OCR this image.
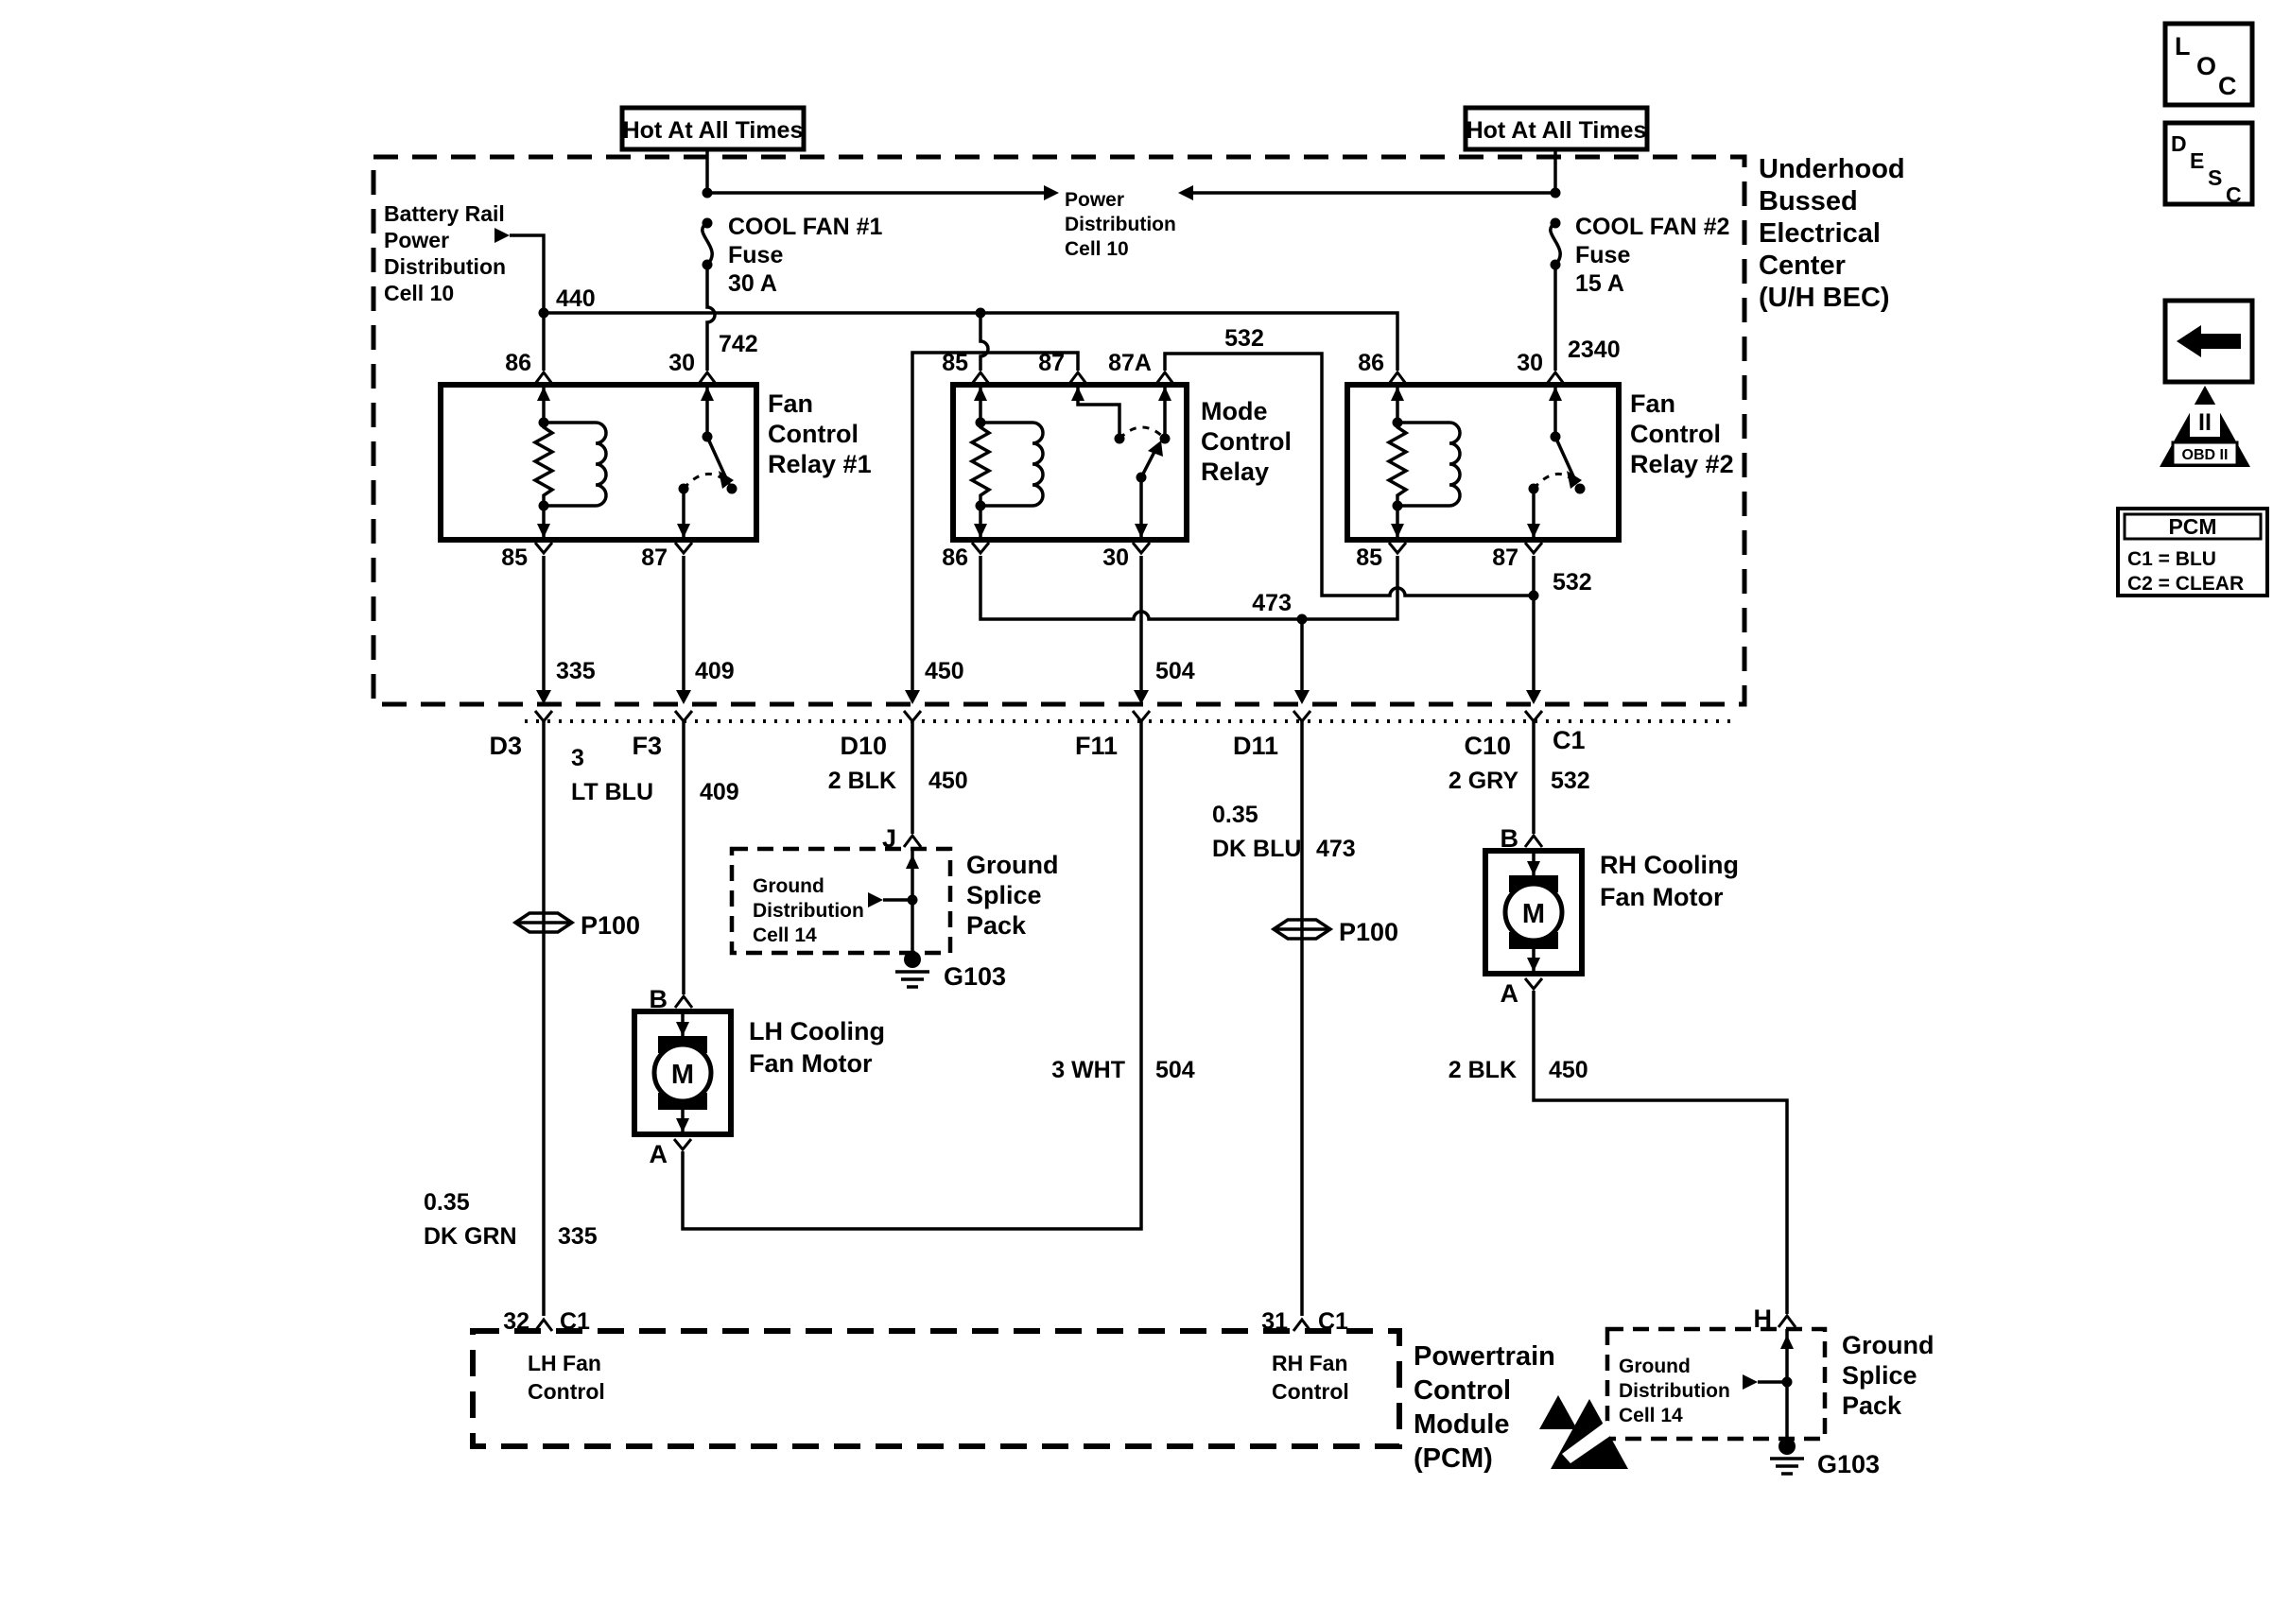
Hot At All Times	Hot At All Times
Underhood
Bussed
Electrical
Center
(U/H BEC)
Battery Rail
Power
Distribution
Cell 10
Power
Distribution
Cell 10
COOL FAN #1
Fuse
30 A
742
COOL FAN #2
Fuse
15 A
2340
440
86	30
85	87
Fan
Control
Relay #1
85	87 87A
86	30
Mode
Control
Relay
86	30
85	87
Fan
Control
Relay #2
532
532
473
335	409	450	504
D3	F3	D10	F11	D11	C10 C1
3
LT BLU 409	2 BLK 450
J
Ground
Distribution
Cell 14
Ground
Splice
Pack
G103
P100
0.35
DK GRN 335
B
M
A
LH Cooling
Fan Motor	3 WHT 504
P100
0.35
DK BLU 473
2 GRY 532
B
M
A
RH Cooling
Fan Motor
2 BLK 450
H
Ground
Distribution
Cell 14
Ground
Splice
Pack
G103
32 C1	31 C1
LH Fan
Control
RH Fan
Control
Powertrain
Control
Module
(PCM)
L
O
C
D
E
S
C
II
OBD II
PCM
C1 = BLU
C2 = CLEAR
